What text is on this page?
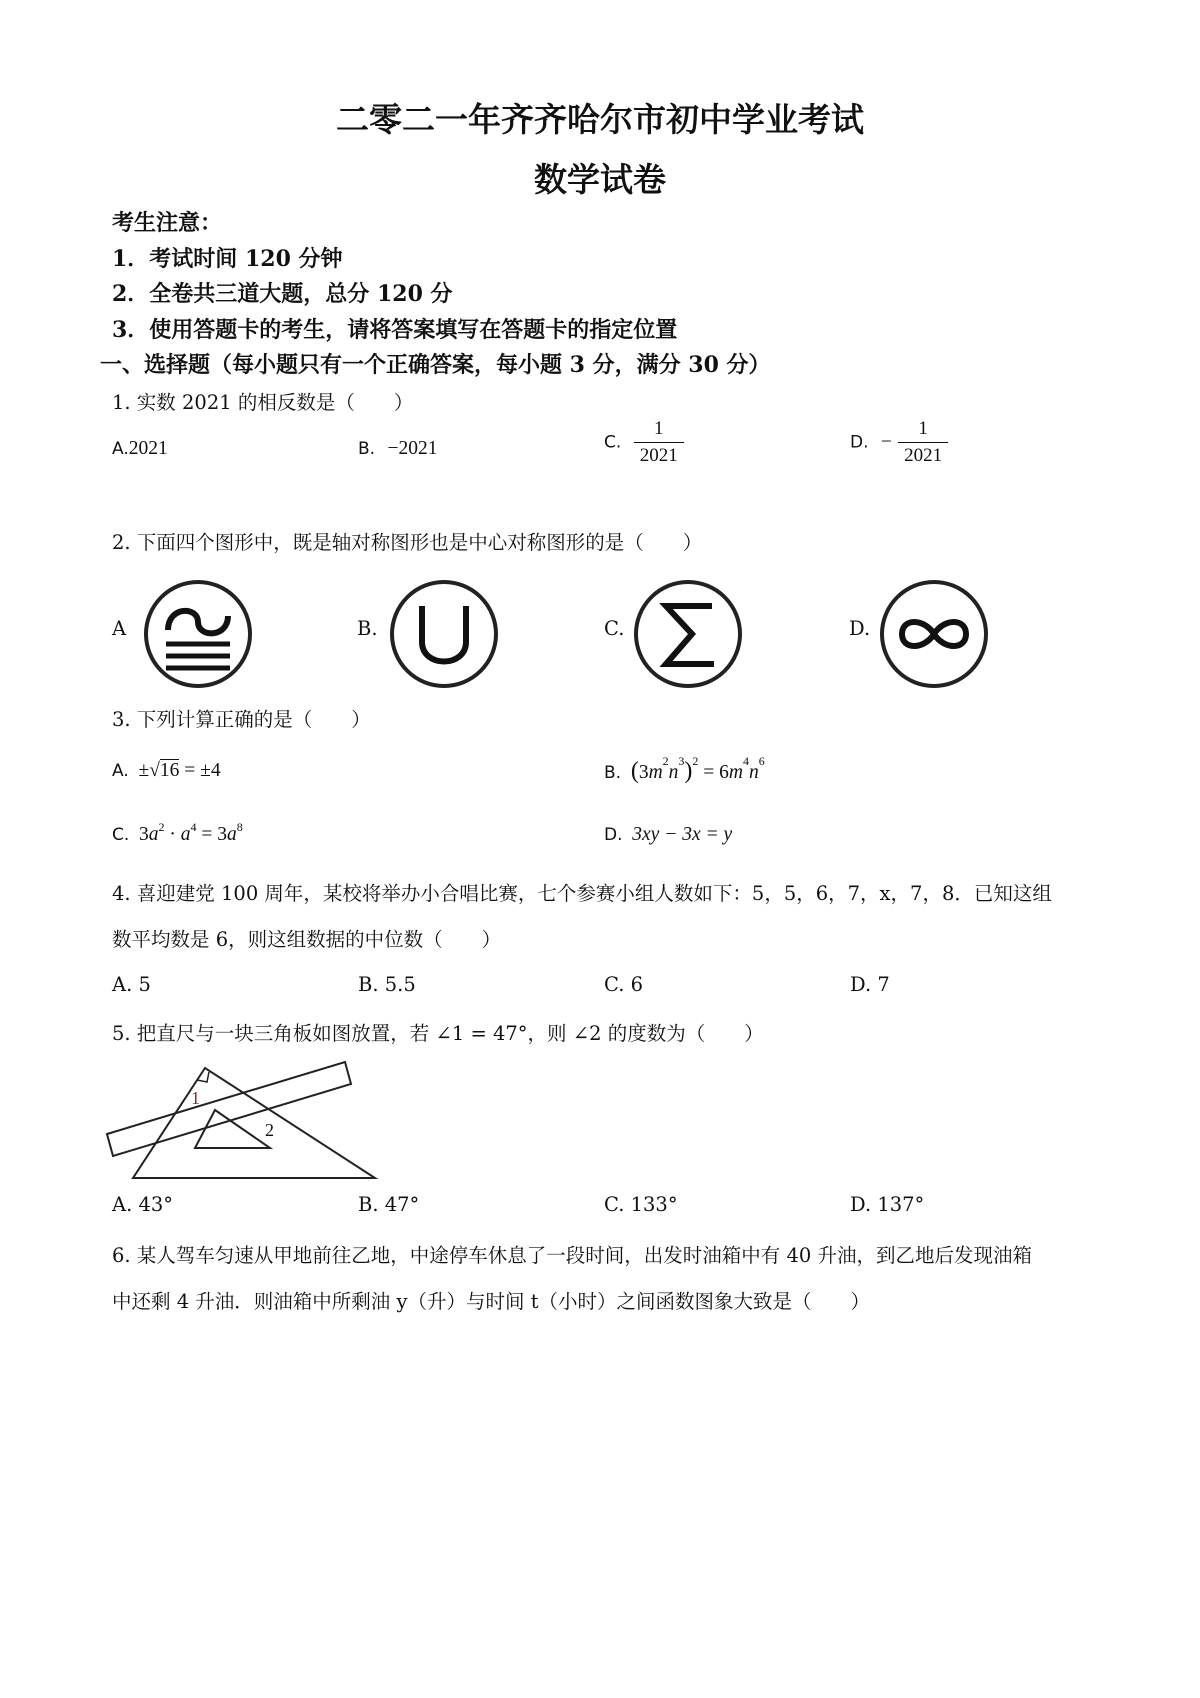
二零二一年齐齐哈尔市初中学业考试
数学试卷
考生注意：
1．考试时间 120 分钟
2．全卷共三道大题，总分 120 分
3．使用答题卡的考生，请将答案填写在答题卡的指定位置
一、选择题（每小题只有一个正确答案，每小题 3 分，满分 30 分）
1. 实数 2021 的相反数是（　　）
A.2021	B. −2021	C. $\frac{1}{2021}$	D. − $\frac{1}{2021}$
2. 下面四个图形中，既是轴对称图形也是中心对称图形的是（　　）
A	B.	C.	D.
3. 下列计算正确的是（　　）
A. ±√16 = ±4	B. $(3m^2n^3)^2 = 6m^4n^6$
C.  $3a^2 \cdot a^4 = 3a^8$	D. 3xy − 3x = y
4. 喜迎建党 100 周年，某校将举办小合唱比赛，七个参赛小组人数如下：5，5，6，7，x，7，8．已知这组
数平均数是 6，则这组数据的中位数（　　）
A. 5	B. 5.5	C. 6	D. 7
5. 把直尺与一块三角板如图放置，若 ∠1 = 47°，则 ∠2 的度数为（　　）
1
2
A. 43°	B. 47°	C. 133°	D. 137°
6. 某人驾车匀速从甲地前往乙地，中途停车休息了一段时间，出发时油箱中有 40 升油，到乙地后发现油箱
中还剩 4 升油．则油箱中所剩油 y（升）与时间 t（小时）之间函数图象大致是（　　）
